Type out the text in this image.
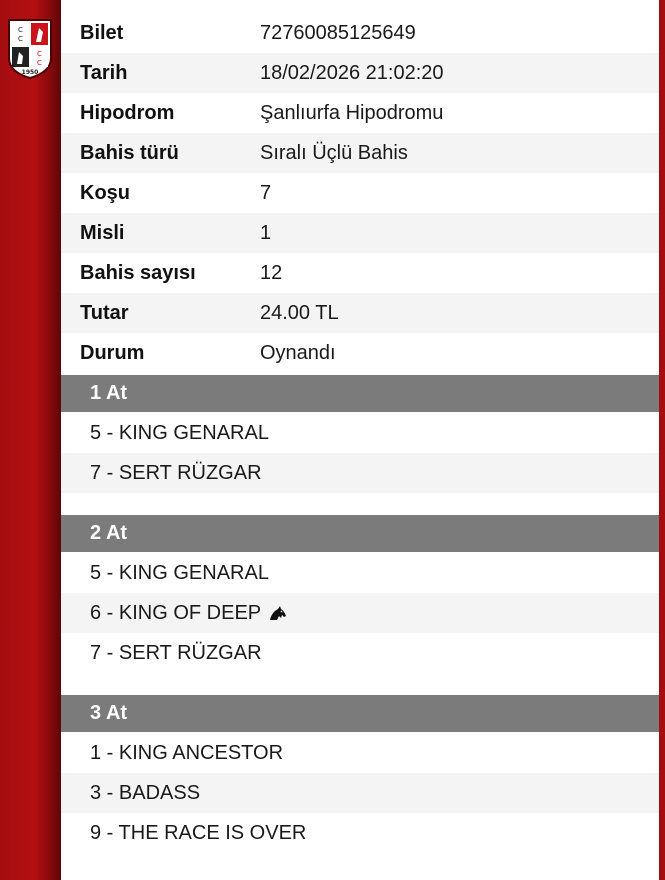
C
C
C
C
1950
Bilet	72760085125649
Tarih	18/02/2026 21:02:20
Hipodrom	Şanlıurfa Hipodromu
Bahis türü	Sıralı Üçlü Bahis
Koşu	7
Misli	1
Bahis sayısı	12
Tutar	24.00 TL
Durum	Oynandı
1 At
5 - KING GENARAL
7 - SERT RÜZGAR
2 At
5 - KING GENARAL
6 - KING OF DEEP
7 - SERT RÜZGAR
3 At
1 - KING ANCESTOR
3 - BADASS
9 - THE RACE IS OVER
